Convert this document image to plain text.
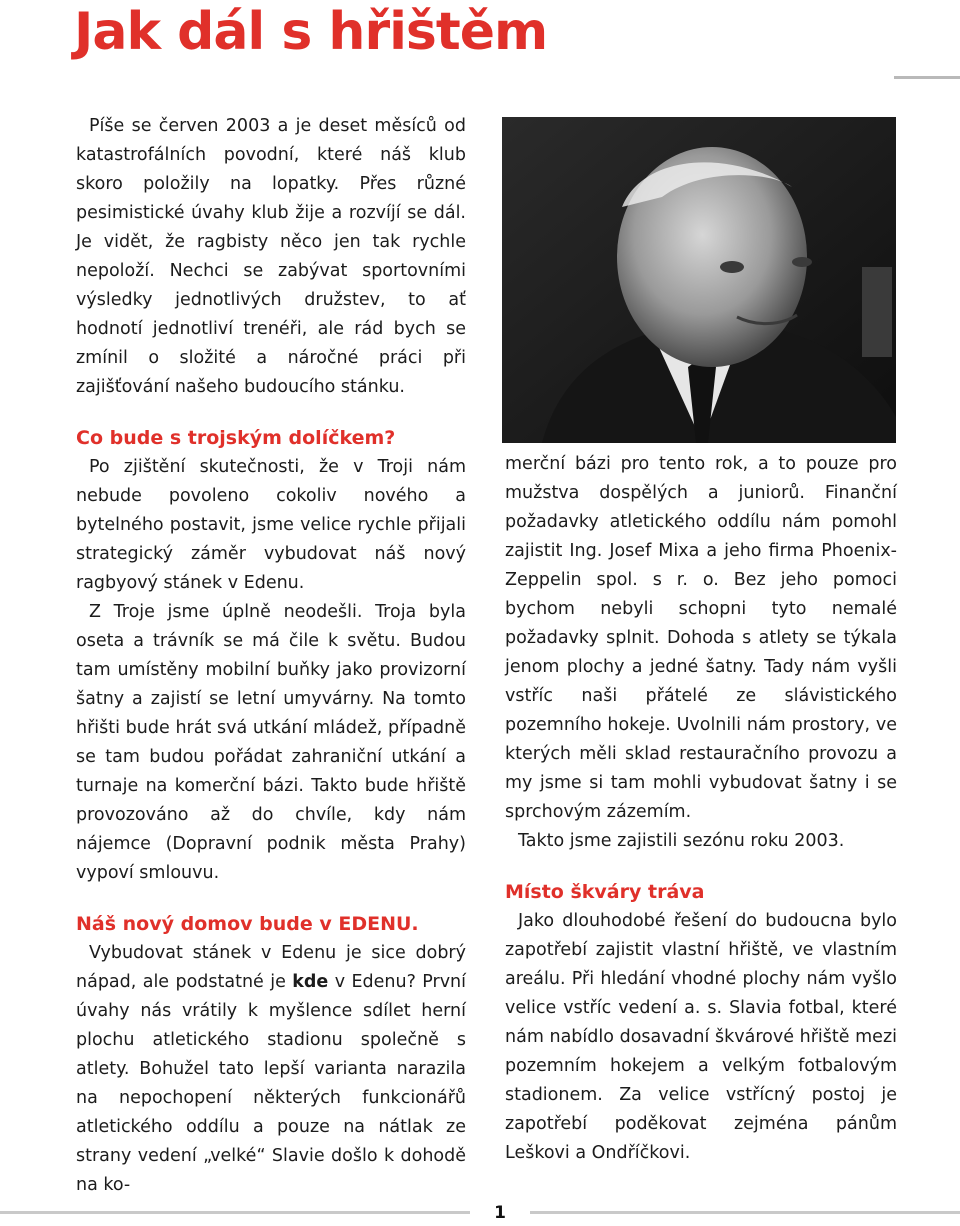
Jak dál s hřištěm

Píše se červen 2003 a je deset měsíců od katastrofálních povodní, které náš klub skoro položily na lopatky. Přes různé pesimistické úvahy klub žije a rozvíjí se dál. Je vidět, že ragbisty něco jen tak rychle nepoloží. Nechci se zabývat sportovními výsledky jednotlivých družstev, to ať hodnotí jednotliví trenéři, ale rád bych se zmínil o složité a náročné práci při zajišťování našeho budoucího stánku.

Co bude s trojským dolíčkem?

Po zjištění skutečnosti, že v Troji nám nebude povoleno cokoliv nového a bytelného postavit, jsme velice rychle přijali strategický záměr vybudovat náš nový ragbyový stánek v Edenu.

Z Troje jsme úplně neodešli. Troja byla oseta a trávník se má čile k světu. Budou tam umístěny mobilní buňky jako provizorní šatny a zajistí se letní umyvárny. Na tomto hřišti bude hrát svá utkání mládež, případně se tam budou pořádat zahraniční utkání a turnaje na komerční bázi. Takto bude hřiště provozováno až do chvíle, kdy nám nájemce (Dopravní podnik města Prahy) vypoví smlouvu.

Náš nový domov bude v EDENU.

Vybudovat stánek v Edenu je sice dobrý nápad, ale podstatné je kde v Edenu? První úvahy nás vrátily k myšlence sdílet herní plochu atletického stadionu společně s atlety. Bohužel tato lepší varianta narazila na nepochopení některých funkcionářů atletického oddílu a pouze na nátlak ze strany vedení „velké“ Slavie došlo k dohodě na ko-

merční bázi pro tento rok, a to pouze pro mužstva dospělých a juniorů. Finanční požadavky atletického oddílu nám pomohl zajistit Ing. Josef Mixa a jeho firma Phoenix-Zeppelin spol. s r. o. Bez jeho pomoci bychom nebyli schopni tyto nemalé požadavky splnit. Dohoda s atlety se týkala jenom plochy a jedné šatny. Tady nám vyšli vstříc naši přátelé ze slávistického pozemního hokeje. Uvolnili nám prostory, ve kterých měli sklad restauračního provozu a my jsme si tam mohli vybudovat šatny i se sprchovým zázemím.

Takto jsme zajistili sezónu roku 2003.

Místo škváry tráva

Jako dlouhodobé řešení do budoucna bylo zapotřebí zajistit vlastní hřiště, ve vlastním areálu. Při hledání vhodné plochy nám vyšlo velice vstříc vedení a. s. Slavia fotbal, které nám nabídlo dosavadní škvárové hřiště mezi pozemním hokejem a velkým fotbalovým stadionem. Za velice vstřícný postoj je zapotřebí poděkovat zejména pánům Leškovi a Ondříčkovi.

1
